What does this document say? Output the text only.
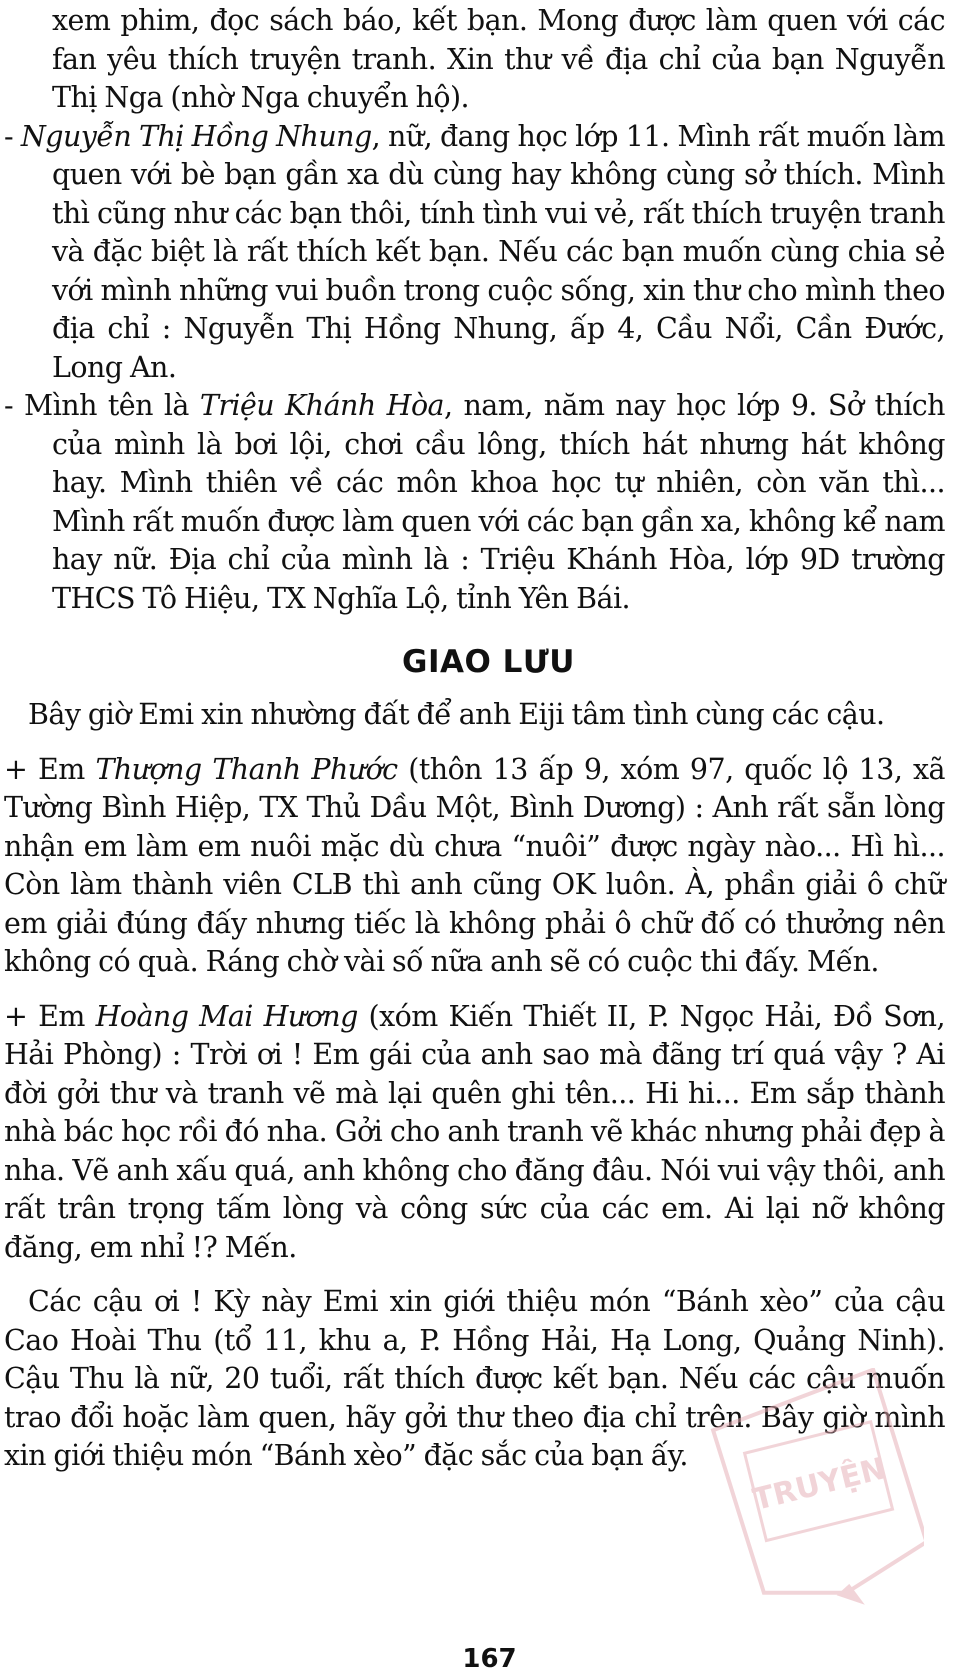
xem phim, đọc sách báo, kết bạn. Mong được làm quen với các fan yêu thích truyện tranh. Xin thư về địa chỉ của bạn Nguyễn Thị Nga (nhờ Nga chuyển hộ).

- Nguyễn Thị Hồng Nhung, nữ, đang học lớp 11. Mình rất muốn làm quen với bè bạn gần xa dù cùng hay không cùng sở thích. Mình thì cũng như các bạn thôi, tính tình vui vẻ, rất thích truyện tranh và đặc biệt là rất thích kết bạn. Nếu các bạn muốn cùng chia sẻ với mình những vui buồn trong cuộc sống, xin thư cho mình theo địa chỉ : Nguyễn Thị Hồng Nhung, ấp 4, Cầu Nổi, Cần Đước, Long An.

- Mình tên là Triệu Khánh Hòa, nam, năm nay học lớp 9. Sở thích của mình là bơi lội, chơi cầu lông, thích hát nhưng hát không hay. Mình thiên về các môn khoa học tự nhiên, còn văn thì... Mình rất muốn được làm quen với các bạn gần xa, không kể nam hay nữ. Địa chỉ của mình là : Triệu Khánh Hòa, lớp 9D trường THCS Tô Hiệu, TX Nghĩa Lộ, tỉnh Yên Bái.

GIAO LƯU

Bây giờ Emi xin nhường đất để anh Eiji tâm tình cùng các cậu.

+ Em Thượng Thanh Phước (thôn 13 ấp 9, xóm 97, quốc lộ 13, xã Tường Bình Hiệp, TX Thủ Dầu Một, Bình Dương) : Anh rất sẵn lòng nhận em làm em nuôi mặc dù chưa “nuôi” được ngày nào... Hì hì... Còn làm thành viên CLB thì anh cũng OK luôn. À, phần giải ô chữ em giải đúng đấy nhưng tiếc là không phải ô chữ đố có thưởng nên không có quà. Ráng chờ vài số nữa anh sẽ có cuộc thi đấy. Mến.

+ Em Hoàng Mai Hương (xóm Kiến Thiết II, P. Ngọc Hải, Đồ Sơn, Hải Phòng) : Trời ơi ! Em gái của anh sao mà đãng trí quá vậy ? Ai đời gởi thư và tranh vẽ mà lại quên ghi tên... Hi hi... Em sắp thành nhà bác học rồi đó nha. Gởi cho anh tranh vẽ khác nhưng phải đẹp à nha. Vẽ anh xấu quá, anh không cho đăng đâu. Nói vui vậy thôi, anh rất trân trọng tấm lòng và công sức của các em. Ai lại nỡ không đăng, em nhỉ !? Mến.

Các cậu ơi ! Kỳ này Emi xin giới thiệu món “Bánh xèo” của cậu Cao Hoài Thu (tổ 11, khu a, P. Hồng Hải, Hạ Long, Quảng Ninh). Cậu Thu là nữ, 20 tuổi, rất thích được kết bạn. Nếu các cậu muốn trao đổi hoặc làm quen, hãy gởi thư theo địa chỉ trên. Bây giờ mình xin giới thiệu món “Bánh xèo” đặc sắc của bạn ấy.	TRUYỆN
167
